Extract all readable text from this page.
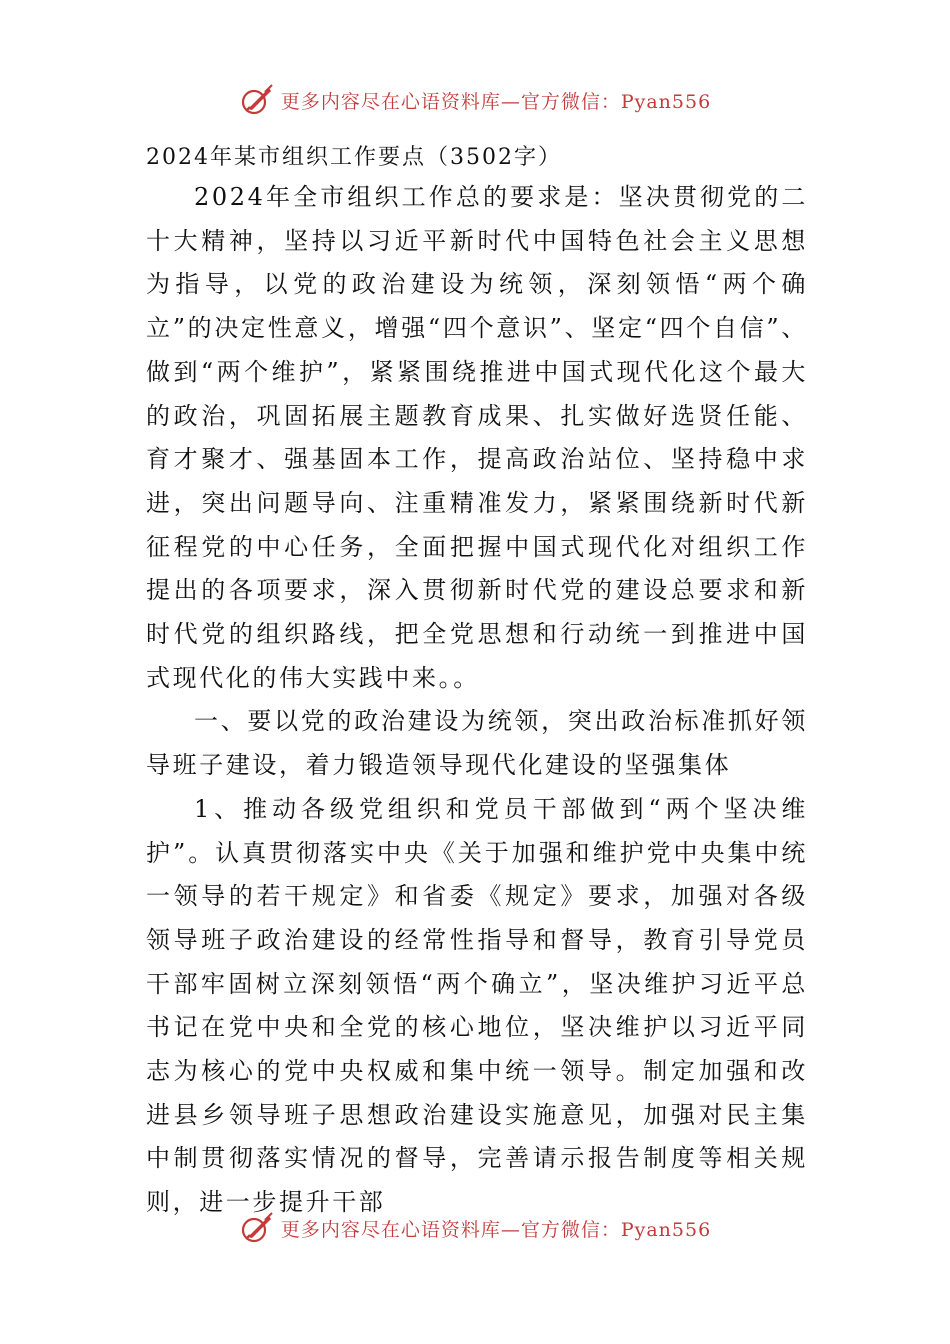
更多内容尽在心语资料库—官方微信：Pyan556
2024年某市组织工作要点（3502字）

2024年全市组织工作总的要求是：坚决贯彻党的二十大精神，坚持以习近平新时代中国特色社会主义思想为指导，以党的政治建设为统领，深刻领悟“两个确立”的决定性意义，增强“四个意识”、坚定“四个自信”、做到“两个维护”，紧紧围绕推进中国式现代化这个最大的政治，巩固拓展主题教育成果、扎实做好选贤任能、育才聚才、强基固本工作，提高政治站位、坚持稳中求进，突出问题导向、注重精准发力，紧紧围绕新时代新征程党的中心任务，全面把握中国式现代化对组织工作提出的各项要求，深入贯彻新时代党的建设总要求和新时代党的组织路线，把全党思想和行动统一到推进中国式现代化的伟大实践中来。。

一、要以党的政治建设为统领，突出政治标准抓好领导班子建设，着力锻造领导现代化建设的坚强集体

1、推动各级党组织和党员干部做到“两个坚决维护”。认真贯彻落实中央《关于加强和维护党中央集中统一领导的若干规定》和省委《规定》要求，加强对各级领导班子政治建设的经常性指导和督导，教育引导党员干部牢固树立深刻领悟“两个确立”，坚决维护习近平总书记在党中央和全党的核心地位，坚决维护以习近平同志为核心的党中央权威和集中统一领导。制定加强和改进县乡领导班子思想政治建设实施意见，加强对民主集中制贯彻落实情况的督导，完善请示报告制度等相关规则，进一步提升干部

更多内容尽在心语资料库—官方微信：Pyan556
